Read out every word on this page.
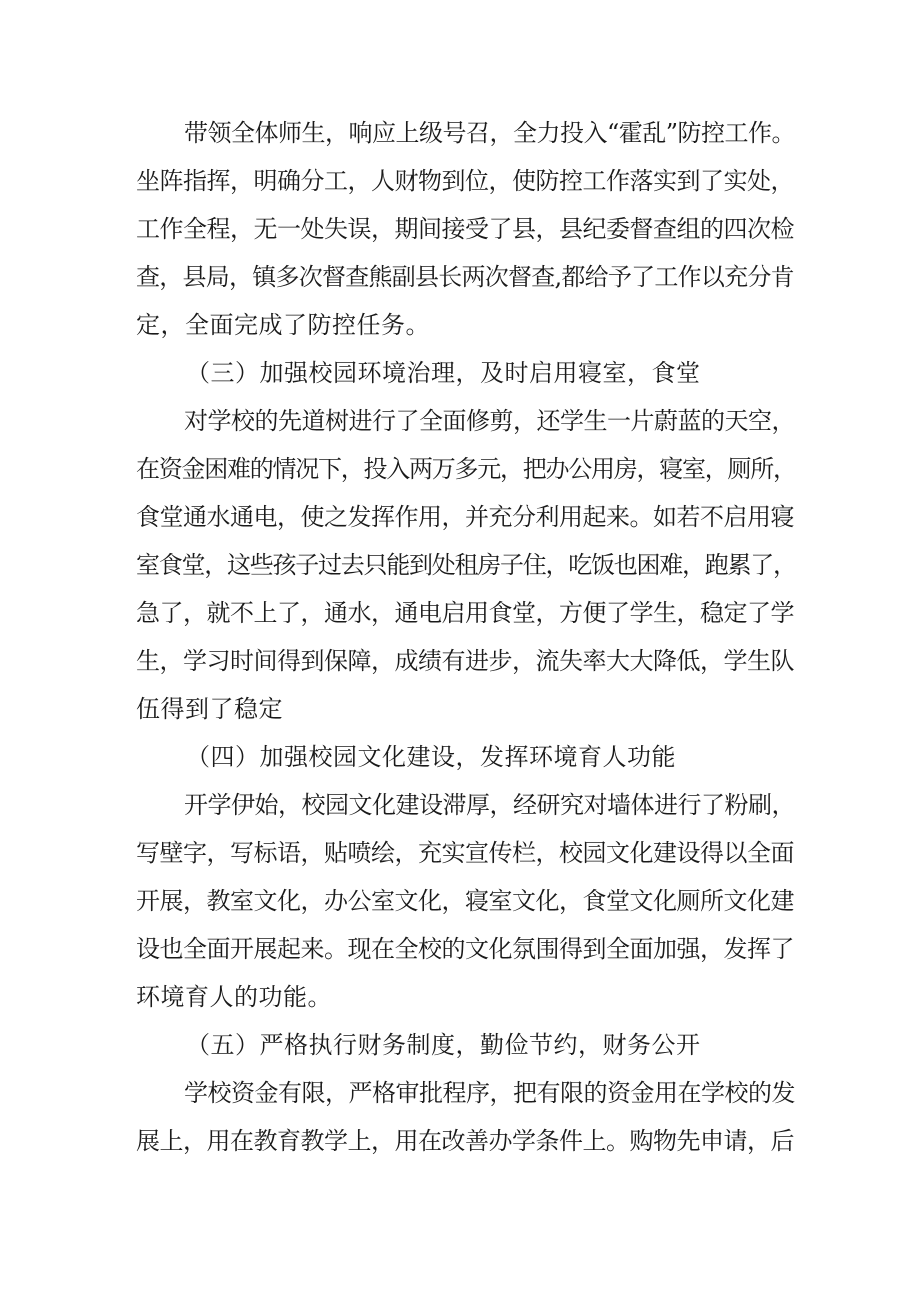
带领全体师生，响应上级号召，全力投入“霍乱”防控工作。
坐阵指挥，明确分工，人财物到位，使防控工作落实到了实处，
工作全程，无一处失误，期间接受了县，县纪委督查组的四次检
查，县局，镇多次督查熊副县长两次督查,都给予了工作以充分肯
定，全面完成了防控任务。
（三）加强校园环境治理，及时启用寝室，食堂
对学校的先道树进行了全面修剪，还学生一片蔚蓝的天空，
在资金困难的情况下，投入两万多元，把办公用房，寝室，厕所，
食堂通水通电，使之发挥作用，并充分利用起来。如若不启用寝
室食堂，这些孩子过去只能到处租房子住，吃饭也困难，跑累了，
急了，就不上了，通水，通电启用食堂，方便了学生，稳定了学
生，学习时间得到保障，成绩有进步，流失率大大降低，学生队
伍得到了稳定
（四）加强校园文化建设，发挥环境育人功能
开学伊始，校园文化建设滞厚，经研究对墙体进行了粉刷，
写壁字，写标语，贴喷绘，充实宣传栏，校园文化建设得以全面
开展，教室文化，办公室文化，寝室文化，食堂文化厕所文化建
设也全面开展起来。现在全校的文化氛围得到全面加强，发挥了
环境育人的功能。
（五）严格执行财务制度，勤俭节约，财务公开
学校资金有限，严格审批程序，把有限的资金用在学校的发
展上，用在教育教学上，用在改善办学条件上。购物先申请，后
